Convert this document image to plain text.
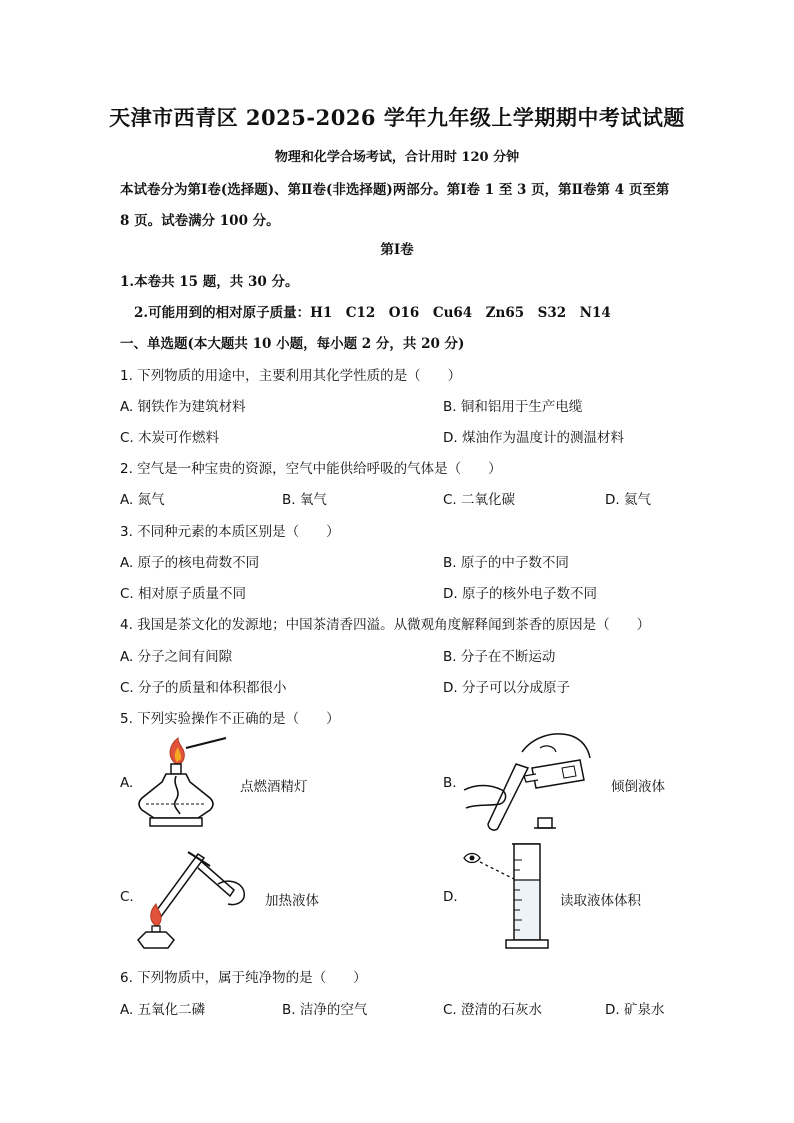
天津市西青区 2025-2026 学年九年级上学期期中考试试题
物理和化学合场考试，合计用时 120 分钟
本试卷分为第Ⅰ卷(选择题)、第Ⅱ卷(非选择题)两部分。第Ⅰ卷 1 至 3 页，第Ⅱ卷第 4 页至第 8 页。试卷满分 100 分。
第Ⅰ卷
1.本卷共 15 题，共 30 分。
2.可能用到的相对原子质量：H1　C12　O16　Cu64　Zn65　S32　N14
一、单选题(本大题共 10 小题，每小题 2 分，共 20 分)
1. 下列物质的用途中，主要利用其化学性质的是（　　）
A. 钢铁作为建筑材料	B. 铜和铝用于生产电缆
C. 木炭可作燃料	D. 煤油作为温度计的测温材料
2. 空气是一种宝贵的资源，空气中能供给呼吸的气体是（　　）
A. 氮气	B. 氧气	C. 二氧化碳	D. 氦气
3. 不同种元素的本质区别是（　　）
A. 原子的核电荷数不同	B. 原子的中子数不同
C. 相对原子质量不同	D. 原子的核外电子数不同
4. 我国是茶文化的发源地；中国茶清香四溢。从微观角度解释闻到茶香的原因是（　　）
A. 分子之间有间隙	B. 分子在不断运动
C. 分子的质量和体积都很小	D. 分子可以分成原子
5. 下列实验操作不正确的是（　　）
A.	点燃酒精灯	B.	倾倒液体
C.	加热液体	D.	读取液体体积
6. 下列物质中，属于纯净物的是（　　）
A. 五氧化二磷	B. 洁净的空气	C. 澄清的石灰水	D. 矿泉水
